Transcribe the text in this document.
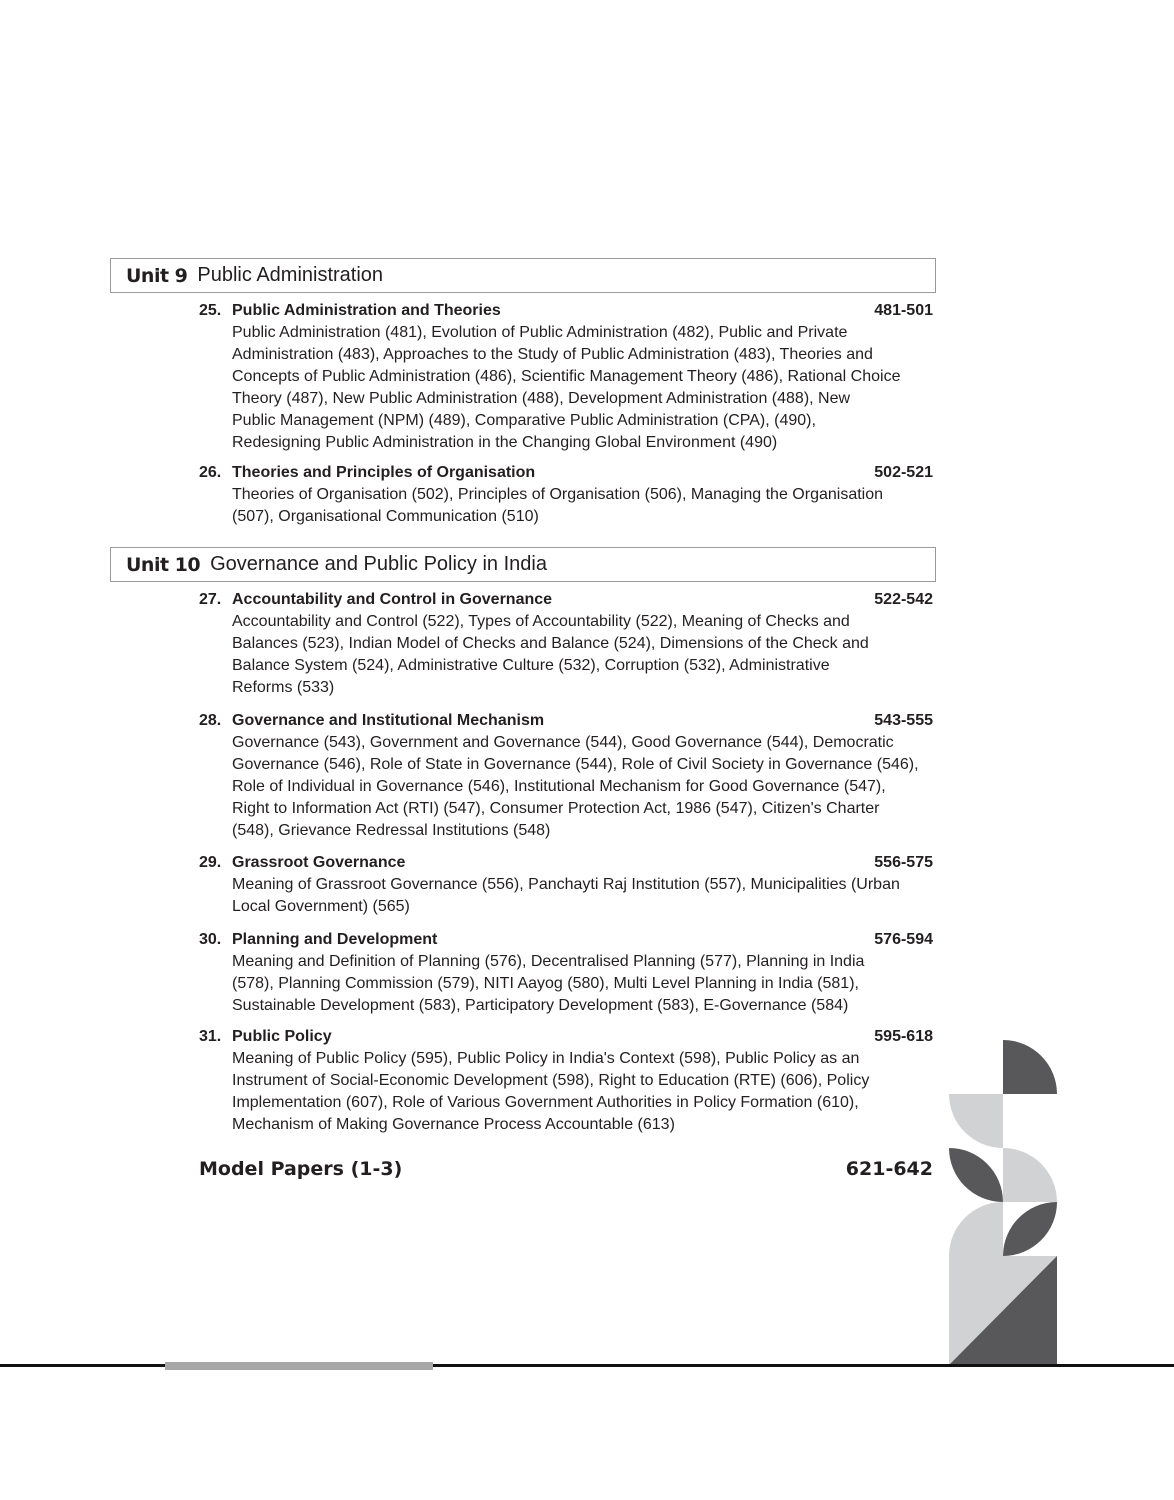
Unit 9 Public Administration
25. Public Administration and Theories	481-501
Public Administration (481), Evolution of Public Administration (482), Public and Private
Administration (483), Approaches to the Study of Public Administration (483), Theories and
Concepts of Public Administration (486), Scientific Management Theory (486), Rational Choice
Theory (487), New Public Administration (488), Development Administration (488), New
Public Management (NPM) (489), Comparative Public Administration (CPA), (490),
Redesigning Public Administration in the Changing Global Environment (490)
26. Theories and Principles of Organisation	502-521
Theories of Organisation (502), Principles of Organisation (506), Managing the Organisation
(507), Organisational Communication (510)
Unit 10 Governance and Public Policy in India
27. Accountability and Control in Governance	522-542
Accountability and Control (522), Types of Accountability (522), Meaning of Checks and
Balances (523), Indian Model of Checks and Balance (524), Dimensions of the Check and
Balance System (524), Administrative Culture (532), Corruption (532), Administrative
Reforms (533)
28. Governance and Institutional Mechanism	543-555
Governance (543), Government and Governance (544), Good Governance (544), Democratic
Governance (546), Role of State in Governance (544), Role of Civil Society in Governance (546),
Role of Individual in Governance (546), Institutional Mechanism for Good Governance (547),
Right to Information Act (RTI) (547), Consumer Protection Act, 1986 (547), Citizen's Charter
(548), Grievance Redressal Institutions (548)
29. Grassroot Governance	556-575
Meaning of Grassroot Governance (556), Panchayti Raj Institution (557), Municipalities (Urban
Local Government) (565)
30. Planning and Development	576-594
Meaning and Definition of Planning (576), Decentralised Planning (577), Planning in India
(578), Planning Commission (579), NITI Aayog (580), Multi Level Planning in India (581),
Sustainable Development (583), Participatory Development (583), E-Governance (584)
31. Public Policy	595-618
Meaning of Public Policy (595), Public Policy in India's Context (598), Public Policy as an
Instrument of Social-Economic Development (598), Right to Education (RTE) (606), Policy
Implementation (607), Role of Various Government Authorities in Policy Formation (610),
Mechanism of Making Governance Process Accountable (613)
Model Papers (1-3)	621-642
